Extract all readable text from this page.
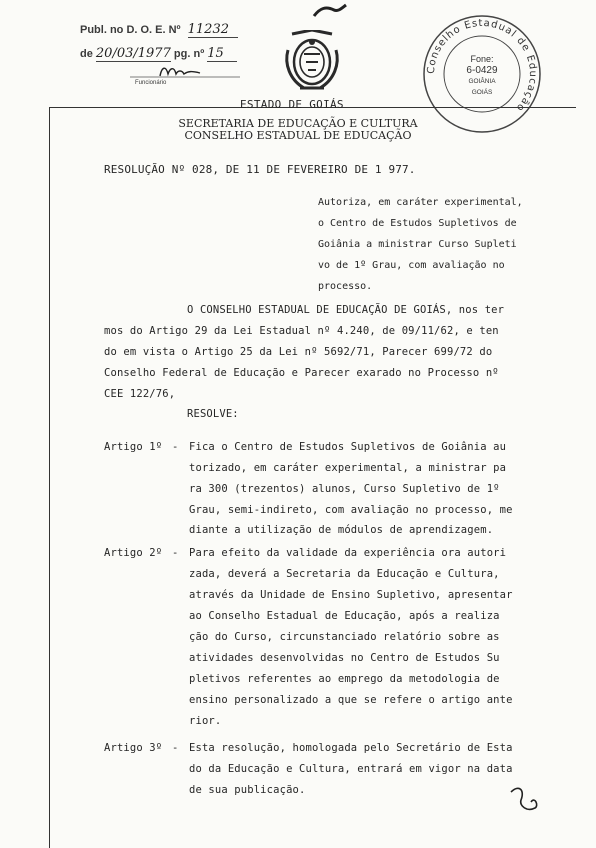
Publ. no D. O. E. Nº 11232
de 20/03/1977 pg. nº 15
Funcionário
Conselho Estadual de Educação
Fone:
6-0429
GOIÂNIA
GOIÁS
ESTADO DE GOIÁS
SECRETARIA DE EDUCAÇÃO E CULTURA
CONSELHO ESTADUAL DE EDUCAÇÃO
RESOLUÇÃO Nº 028, DE 11 DE FEVEREIRO DE 1 977.
Autoriza, em caráter experimental,
o Centro de Estudos Supletivos de
Goiânia a ministrar Curso Supleti
vo de 1º Grau, com avaliação no
processo.
O CONSELHO ESTADUAL DE EDUCAÇÃO DE GOIÁS, nos ter
mos do Artigo 29 da Lei Estadual nº 4.240, de 09/11/62, e ten
do em vista o Artigo 25 da Lei nº 5692/71, Parecer 699/72 do
Conselho Federal de Educação e Parecer exarado no Processo nº
CEE 122/76,
RESOLVE:
Artigo 1º - Fica o Centro de Estudos Supletivos de Goiânia au
torizado, em caráter experimental, a ministrar pa
ra 300 (trezentos) alunos, Curso Supletivo de 1º
Grau, semi-indireto, com avaliação no processo, me
diante a utilização de módulos de aprendizagem.
Artigo 2º - Para efeito da validade da experiência ora autori
zada, deverá a Secretaria da Educação e Cultura,
através da Unidade de Ensino Supletivo, apresentar
ao Conselho Estadual de Educação, após a realiza
ção do Curso, circunstanciado relatório sobre as
atividades desenvolvidas no Centro de Estudos Su
pletivos referentes ao emprego da metodologia de
ensino personalizado a que se refere o artigo ante
rior.
Artigo 3º - Esta resolução, homologada pelo Secretário de Esta
do da Educação e Cultura, entrará em vigor na data
de sua publicação.
